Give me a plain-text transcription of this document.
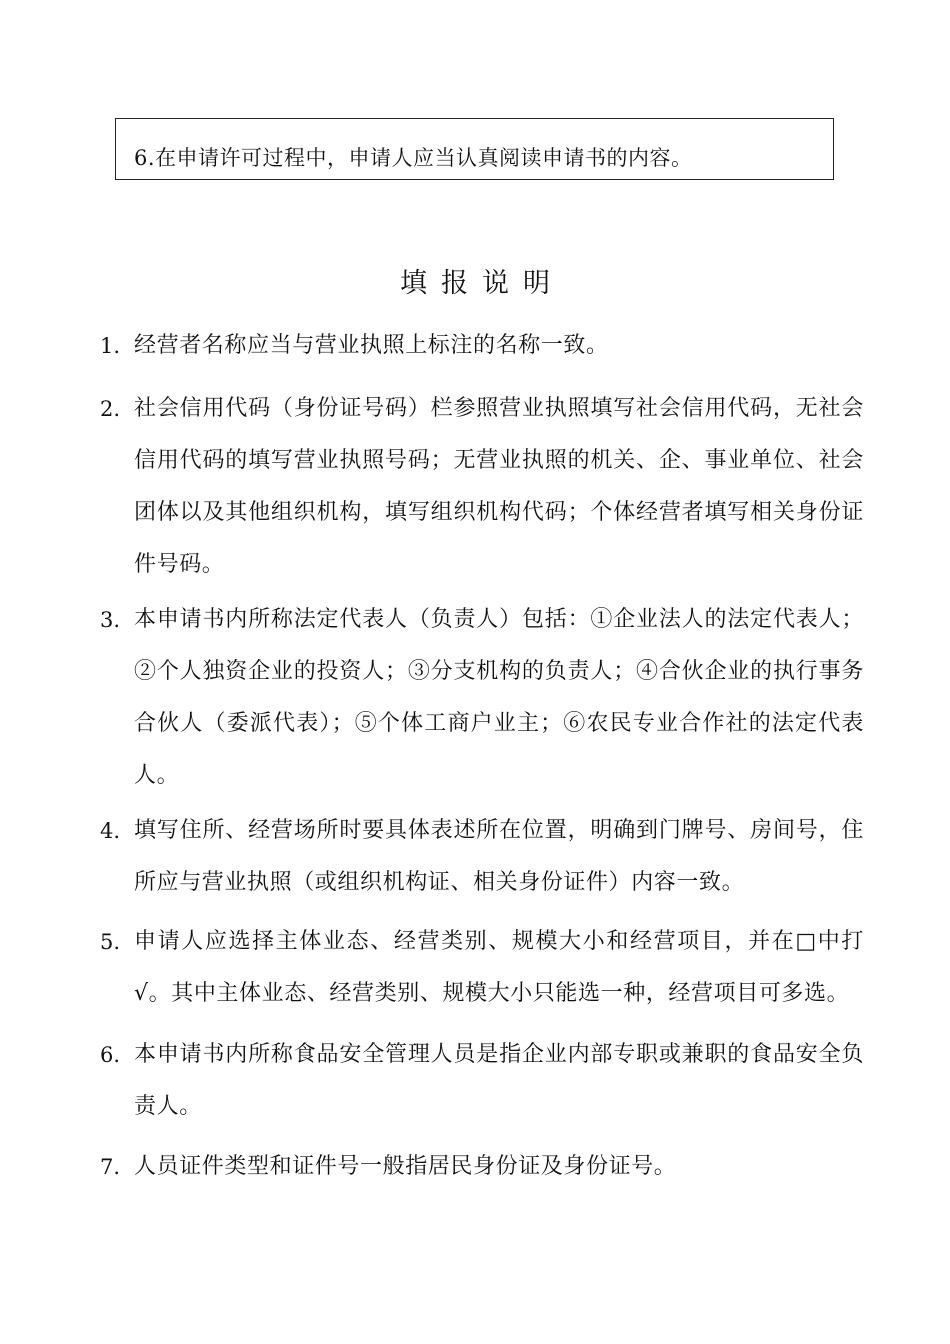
6.在申请许可过程中，申请人应当认真阅读申请书的内容。
填报说明
1. 经营者名称应当与营业执照上标注的名称一致。
2. 社会信用代码（身份证号码）栏参照营业执照填写社会信用代码，无社会信用代码的填写营业执照号码；无营业执照的机关、企、事业单位、社会团体以及其他组织机构，填写组织机构代码；个体经营者填写相关身份证件号码。
3. 本申请书内所称法定代表人（负责人）包括：①企业法人的法定代表人；②个人独资企业的投资人；③分支机构的负责人；④合伙企业的执行事务合伙人（委派代表）；⑤个体工商户业主；⑥农民专业合作社的法定代表人。
4. 填写住所、经营场所时要具体表述所在位置，明确到门牌号、房间号，住所应与营业执照（或组织机构证、相关身份证件）内容一致。
5. 申请人应选择主体业态、经营类别、规模大小和经营项目，并在□中打√。其中主体业态、经营类别、规模大小只能选一种，经营项目可多选。
6. 本申请书内所称食品安全管理人员是指企业内部专职或兼职的食品安全负责人。
7. 人员证件类型和证件号一般指居民身份证及身份证号。
